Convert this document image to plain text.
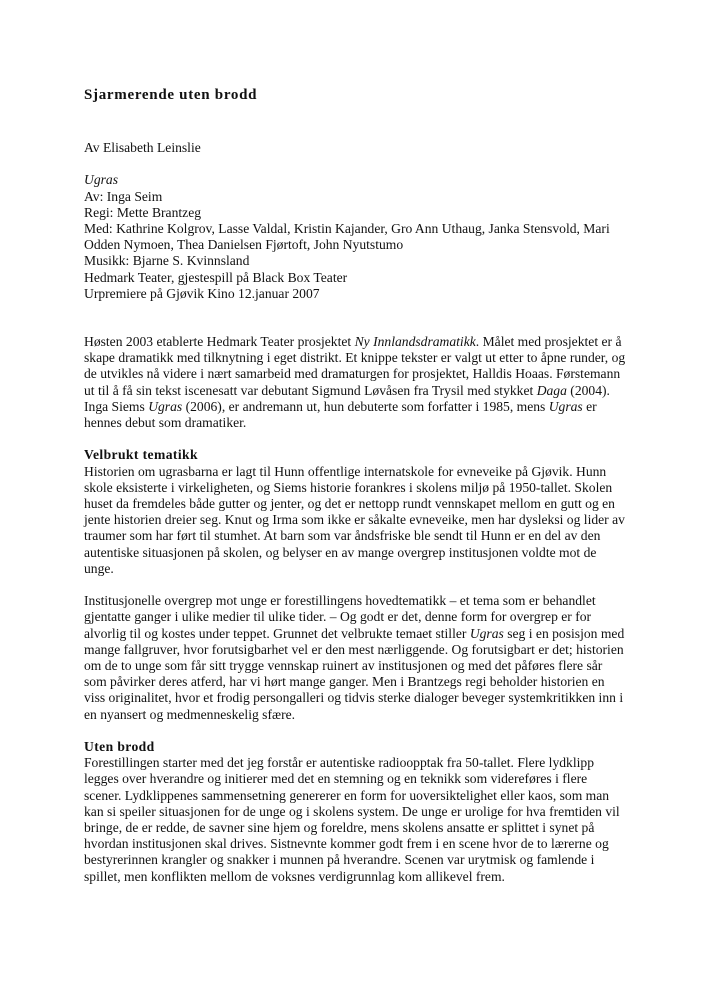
Sjarmerende uten brodd

Av Elisabeth Leinslie

Ugras

Av: Inga Seim

Regi: Mette Brantzeg

Med: Kathrine Kolgrov, Lasse Valdal, Kristin Kajander, Gro Ann Uthaug, Janka Stensvold, Mari Odden Nymoen, Thea Danielsen Fjørtoft, John Nyutstumo

Musikk: Bjarne S. Kvinnsland

Hedmark Teater, gjestespill på Black Box Teater

Urpremiere på Gjøvik Kino 12.januar 2007

Høsten 2003 etablerte Hedmark Teater prosjektet Ny Innlandsdramatikk. Målet med prosjektet er å skape dramatikk med tilknytning i eget distrikt. Et knippe tekster er valgt ut etter to åpne runder, og de utvikles nå videre i nært samarbeid med dramaturgen for prosjektet, Halldis Hoaas. Førstemann ut til å få sin tekst iscenesatt var debutant Sigmund Løvåsen fra Trysil med stykket Daga (2004). Inga Siems Ugras (2006), er andremann ut, hun debuterte som forfatter i 1985, mens Ugras er hennes debut som dramatiker.

Velbrukt tematikk

Historien om ugrasbarna er lagt til Hunn offentlige internatskole for evneveike på Gjøvik. Hunn skole eksisterte i virkeligheten, og Siems historie forankres i skolens miljø på 1950-tallet. Skolen huset da fremdeles både gutter og jenter, og det er nettopp rundt vennskapet mellom en gutt og en jente historien dreier seg. Knut og Irma som ikke er såkalte evneveike, men har dysleksi og lider av traumer som har ført til stumhet. At barn som var åndsfriske ble sendt til Hunn er en del av den autentiske situasjonen på skolen, og belyser en av mange overgrep institusjonen voldte mot de unge.

Institusjonelle overgrep mot unge er forestillingens hovedtematikk – et tema som er behandlet gjentatte ganger i ulike medier til ulike tider. – Og godt er det, denne form for overgrep er for alvorlig til og kostes under teppet. Grunnet det velbrukte temaet stiller Ugras seg i en posisjon med mange fallgruver, hvor forutsigbarhet vel er den mest nærliggende. Og forutsigbart er det; historien om de to unge som får sitt trygge vennskap ruinert av institusjonen og med det påføres flere sår som påvirker deres atferd, har vi hørt mange ganger. Men i Brantzegs regi beholder historien en viss originalitet, hvor et frodig persongalleri og tidvis sterke dialoger beveger systemkritikken inn i en nyansert og medmenneskelig sfære.

Uten brodd

Forestillingen starter med det jeg forstår er autentiske radioopptak fra 50-tallet. Flere lydklipp legges over hverandre og initierer med det en stemning og en teknikk som videreføres i flere scener. Lydklippenes sammensetning genererer en form for uoversiktelighet eller kaos, som man kan si speiler situasjonen for de unge og i skolens system. De unge er urolige for hva fremtiden vil bringe, de er redde, de savner sine hjem og foreldre, mens skolens ansatte er splittet i synet på hvordan institusjonen skal drives. Sistnevnte kommer godt frem i en scene hvor de to lærerne og bestyrerinnen krangler og snakker i munnen på hverandre. Scenen var urytmisk og famlende i spillet, men konflikten mellom de voksnes verdigrunnlag kom allikevel frem.
